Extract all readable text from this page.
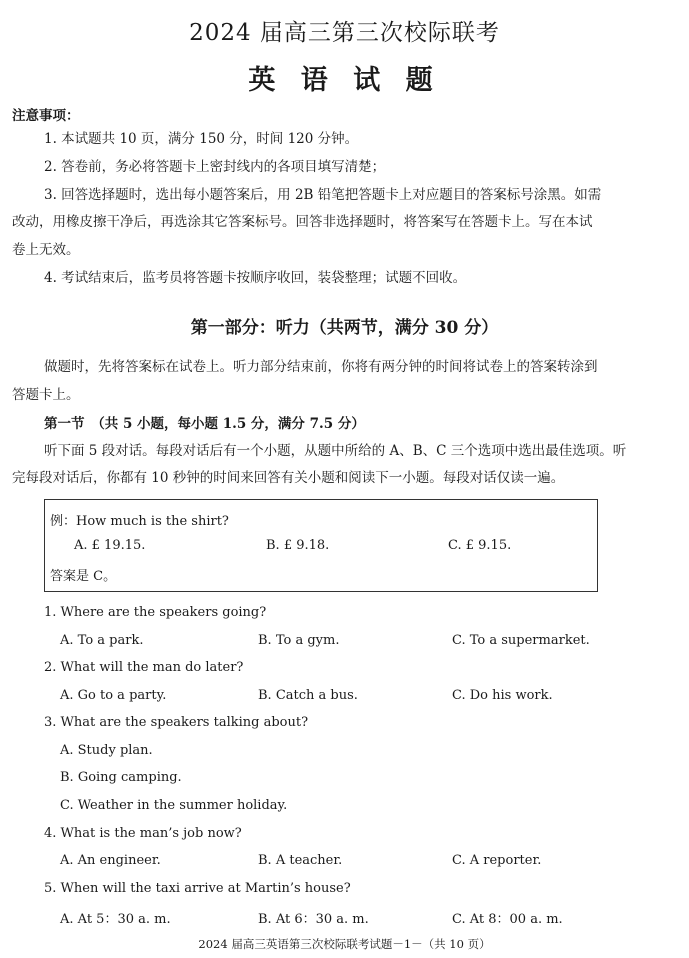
2024 届高三第三次校际联考
英 语 试 题
注意事项：
1. 本试题共 10 页，满分 150 分，时间 120 分钟。
2. 答卷前，务必将答题卡上密封线内的各项目填写清楚；
3. 回答选择题时，选出每小题答案后，用 2B 铅笔把答题卡上对应题目的答案标号涂黑。如需
改动，用橡皮擦干净后，再选涂其它答案标号。回答非选择题时，将答案写在答题卡上。写在本试
卷上无效。
4. 考试结束后，监考员将答题卡按顺序收回，装袋整理；试题不回收。
第一部分：听力（共两节，满分 30 分）
做题时，先将答案标在试卷上。听力部分结束前，你将有两分钟的时间将试卷上的答案转涂到
答题卡上。
第一节　（共 5 小题，每小题 1.5 分，满分 7.5 分）
听下面 5 段对话。每段对话后有一个小题，从题中所给的 A、B、C 三个选项中选出最佳选项。听
完每段对话后，你都有 10 秒钟的时间来回答有关小题和阅读下一小题。每段对话仅读一遍。
例：How much is the shirt?
A. £ 19.15.	B. £ 9.18.	C. £ 9.15.
答案是 C。
1. Where are the speakers going?
A. To a park.	B. To a gym.	C. To a supermarket.
2. What will the man do later?
A. Go to a party.	B. Catch a bus.	C. Do his work.
3. What are the speakers talking about?
A. Study plan.
B. Going camping.
C. Weather in the summer holiday.
4. What is the man’s job now?
A. An engineer.	B. A teacher.	C. A reporter.
5. When will the taxi arrive at Martin’s house?
A. At 5：30 a. m.	B. At 6：30 a. m.	C. At 8：00 a. m.
2024 届高三英语第三次校际联考试题－1－（共 10 页）
